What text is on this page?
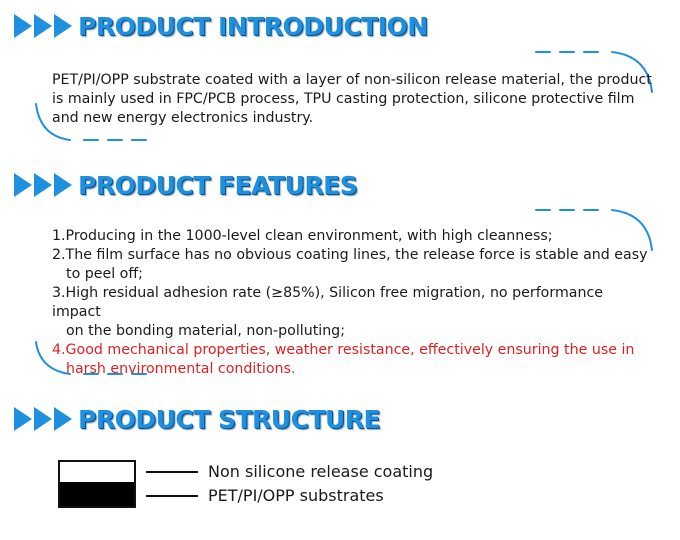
PRODUCT INTRODUCTION
PET/PI/OPP substrate coated with a layer of non-silicon release material, the product is mainly used in FPC/PCB process, TPU casting protection, silicone protective film and new energy electronics industry.
PRODUCT FEATURES

1.Producing in the 1000-level clean environment, with high cleanness;

2.The film surface has no obvious coating lines, the release force is stable and easy
to peel off;

3.High residual adhesion rate (≥85%), Silicon free migration, no performance impact
on the bonding material, non-polluting;

4.Good mechanical properties, weather resistance, effectively ensuring the use in
harsh environmental conditions.

PRODUCT STRUCTURE
Non silicone release coating
PET/PI/OPP substrates
